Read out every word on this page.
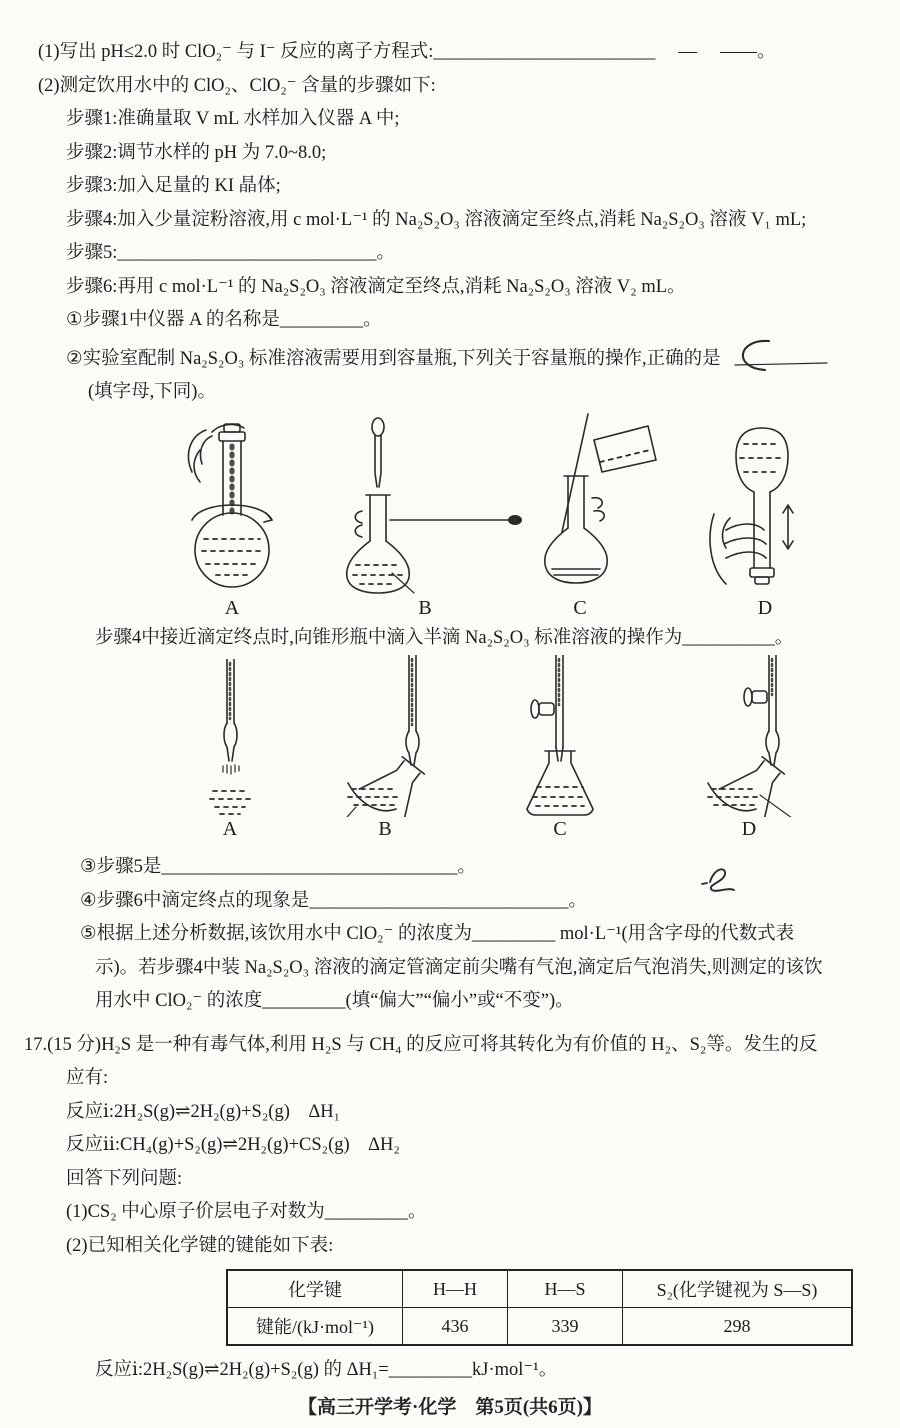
(1)写出 pH≤2.0 时 ClO₂⁻ 与 I⁻ 反应的离子方程式:________________________　 —　 ——。
(2)测定饮用水中的 ClO₂、ClO₂⁻ 含量的步骤如下:
步骤1:准确量取 V mL 水样加入仪器 A 中;
步骤2:调节水样的 pH 为 7.0~8.0;
步骤3:加入足量的 KI 晶体;
步骤4:加入少量淀粉溶液,用 c mol·L⁻¹ 的 Na₂S₂O₃ 溶液滴定至终点,消耗 Na₂S₂O₃ 溶液 V₁ mL;
步骤5:____________________________。
步骤6:再用 c mol·L⁻¹ 的 Na₂S₂O₃ 溶液滴定至终点,消耗 Na₂S₂O₃ 溶液 V₂ mL。
①步骤1中仪器 A 的名称是_________。
②实验室配制 Na₂S₂O₃ 标准溶液需要用到容量瓶,下列关于容量瓶的操作,正确的是
(填字母,下同)。
A	B	C	D
步骤4中接近滴定终点时,向锥形瓶中滴入半滴 Na₂S₂O₃ 标准溶液的操作为__________。
A	B	C	D
③步骤5是________________________________。
④步骤6中滴定终点的现象是____________________________。
⑤根据上述分析数据,该饮用水中 ClO₂⁻ 的浓度为_________ mol·L⁻¹(用含字母的代数式表
示)。若步骤4中装 Na₂S₂O₃ 溶液的滴定管滴定前尖嘴有气泡,滴定后气泡消失,则测定的该饮
用水中 ClO₂⁻ 的浓度_________(填“偏大”“偏小”或“不变”)。
17.(15 分)H₂S 是一种有毒气体,利用 H₂S 与 CH₄ 的反应可将其转化为有价值的 H₂、S₂等。发生的反
应有:
反应ⅰ:2H₂S(g)⇌2H₂(g)+S₂(g)　ΔH₁
反应ⅱ:CH₄(g)+S₂(g)⇌2H₂(g)+CS₂(g)　ΔH₂
回答下列问题:
(1)CS₂ 中心原子价层电子对数为_________。
(2)已知相关化学键的键能如下表:
化学键	H—H	H—S	S₂(化学键视为 S—S)
键能/(kJ·mol⁻¹)	436	339	298
反应ⅰ:2H₂S(g)⇌2H₂(g)+S₂(g) 的 ΔH₁=_________kJ·mol⁻¹。
【高三开学考·化学　第5页(共6页)】
